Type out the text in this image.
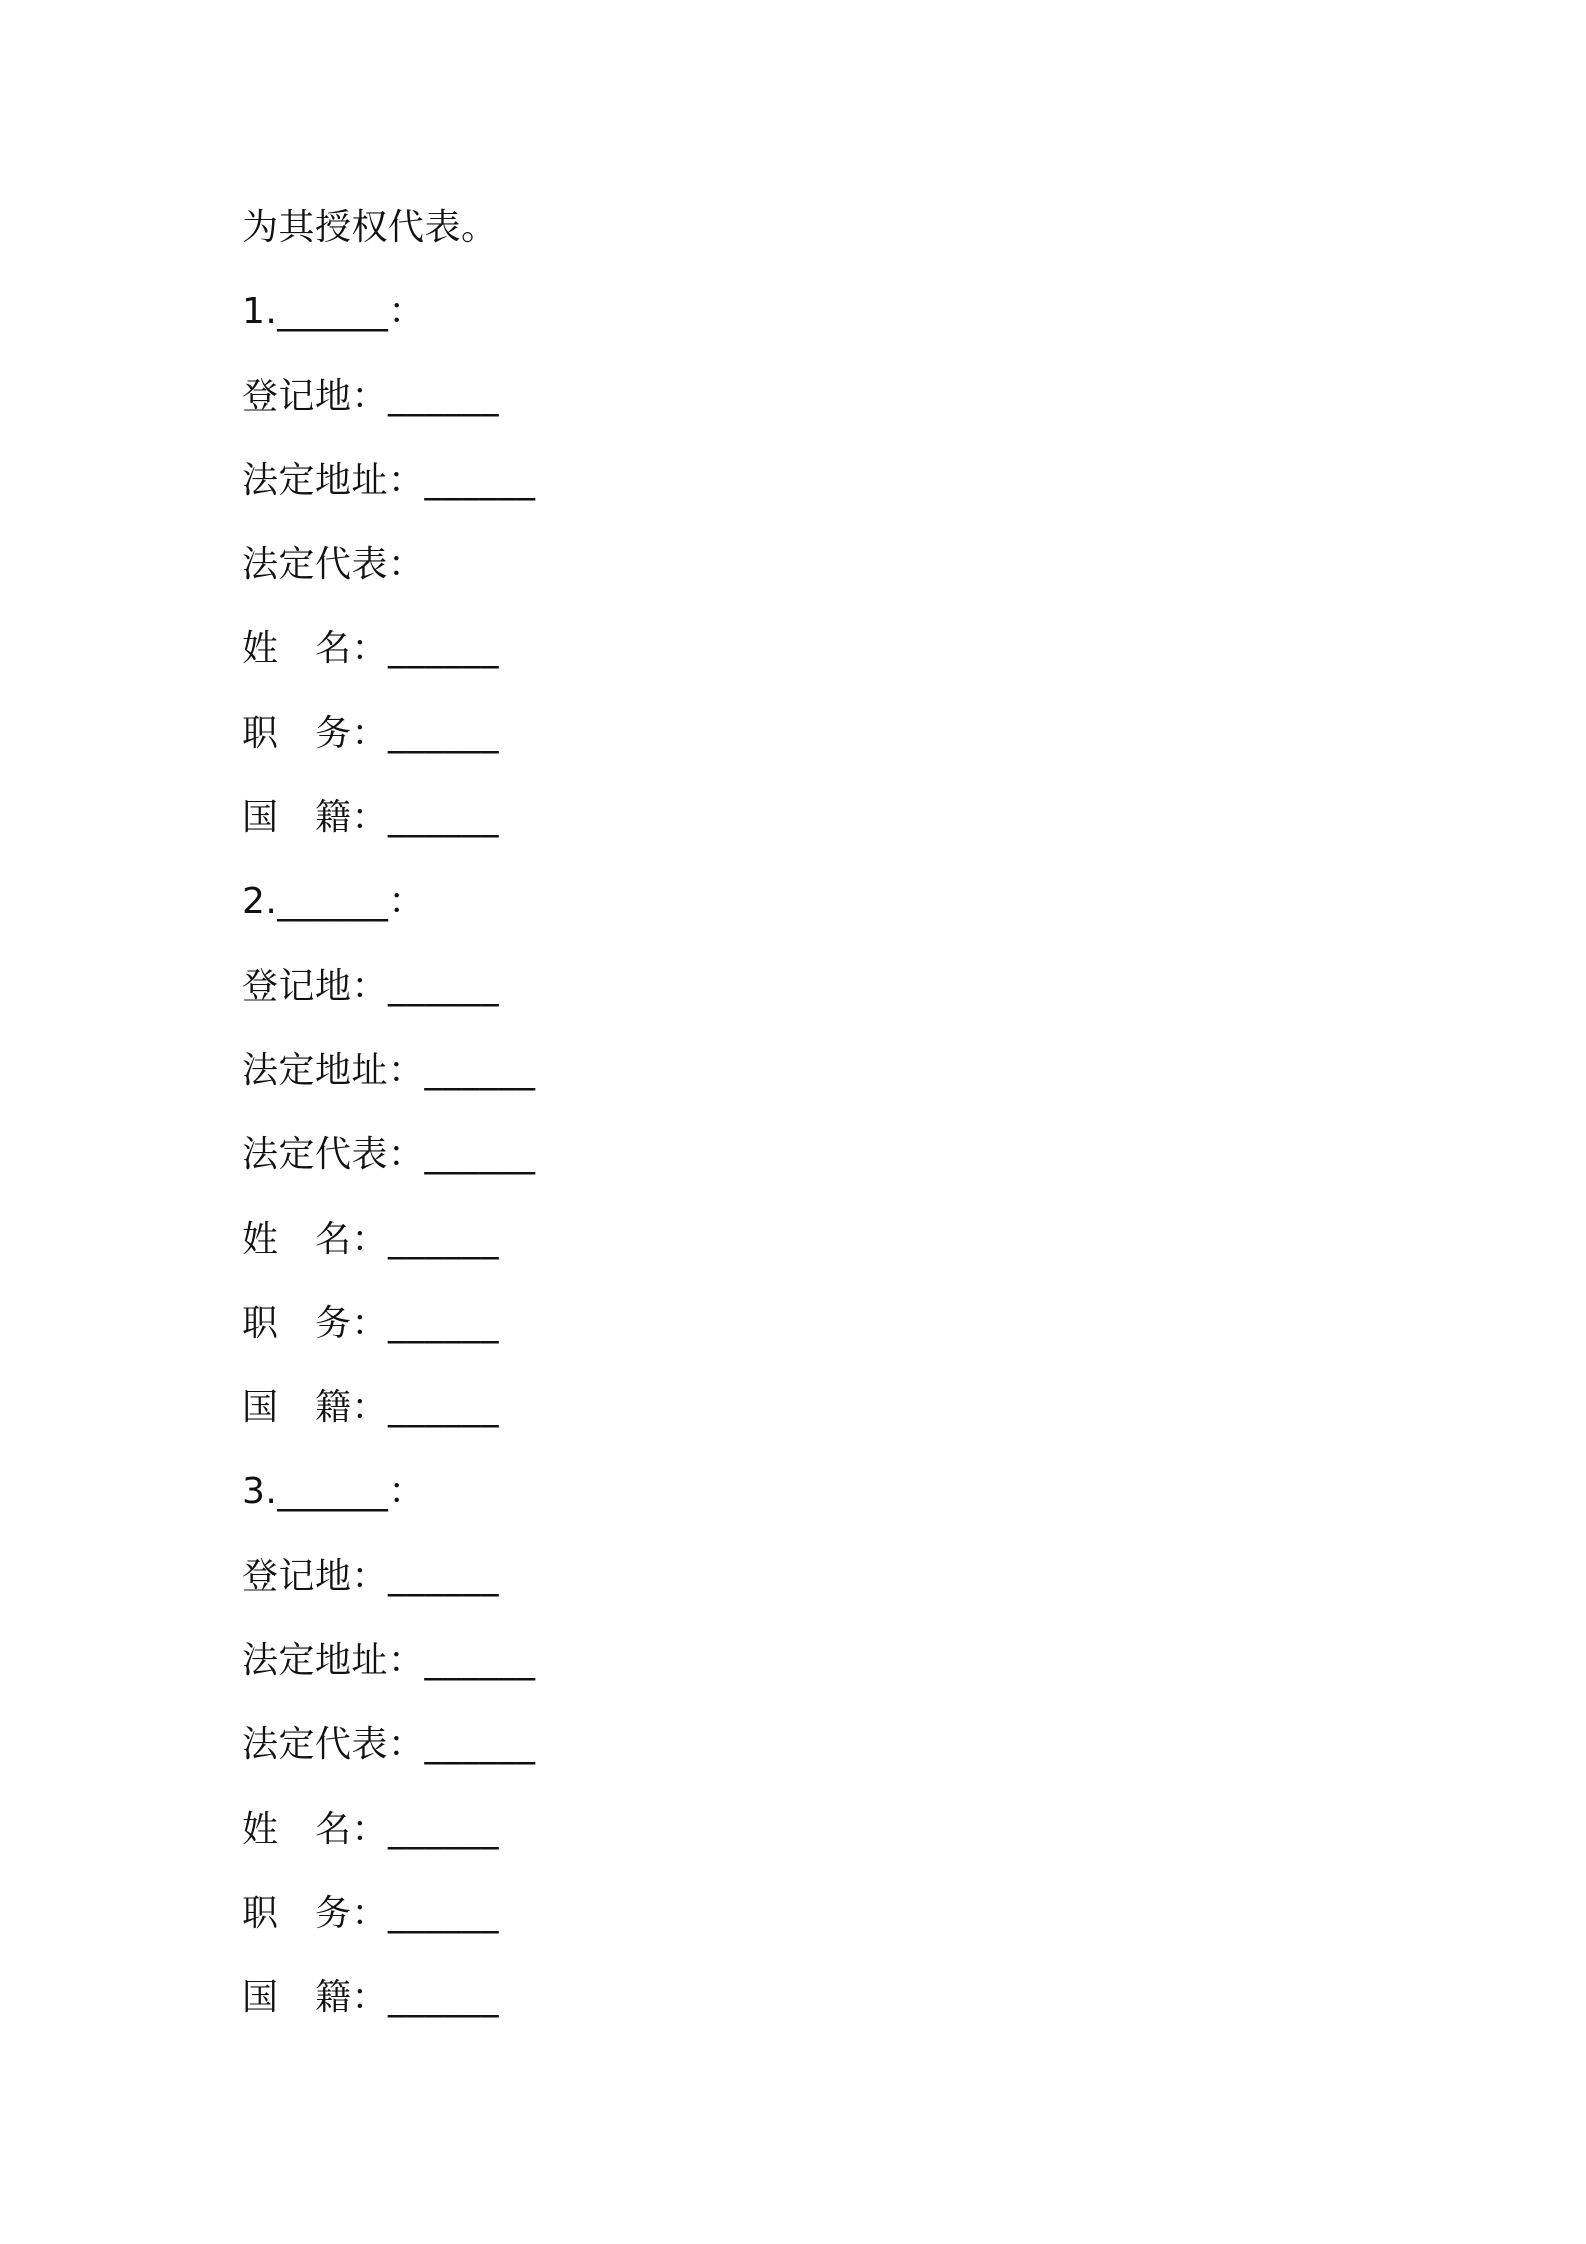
为其授权代表。
1.______：
登记地：______
法定地址：______
法定代表：
姓　名：______
职　务：______
国　籍：______
2.______：
登记地：______
法定地址：______
法定代表：______
姓　名：______
职　务：______
国　籍：______
3.______：
登记地：______
法定地址：______
法定代表：______
姓　名：______
职　务：______
国　籍：______
